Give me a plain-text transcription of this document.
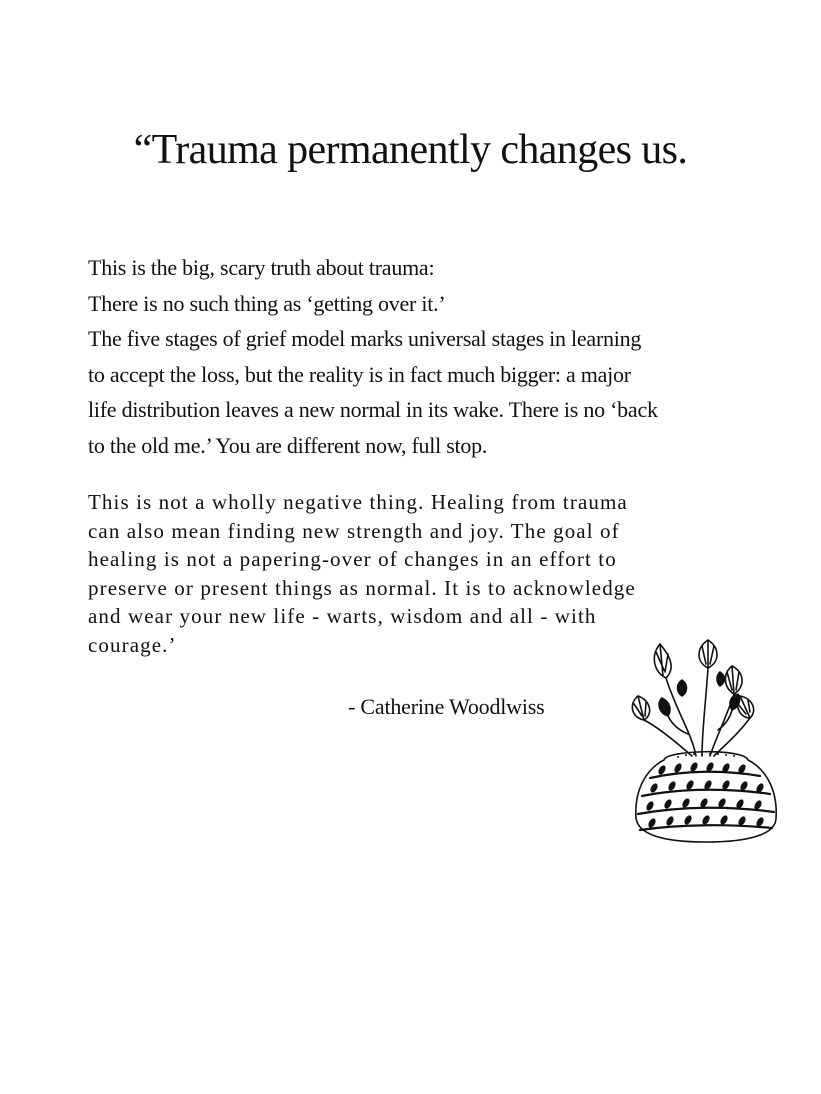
“Trauma permanently changes us.

This is the big, scary truth about trauma:
There is no such thing as ‘getting over it.’
The five stages of grief model marks universal stages in learning
to accept the loss, but the reality is in fact much bigger: a major
life distribution leaves a new normal in its wake. There is no ‘back
to the old me.’ You are different now, full stop.

This is not a wholly negative thing. Healing from trauma
can also mean finding new strength and joy. The goal of
healing is not a papering-over of changes in an effort to
preserve or present things as normal. It is to acknowledge
and wear your new life - warts, wisdom and all - with
courage.’

- Catherine Woodlwiss
